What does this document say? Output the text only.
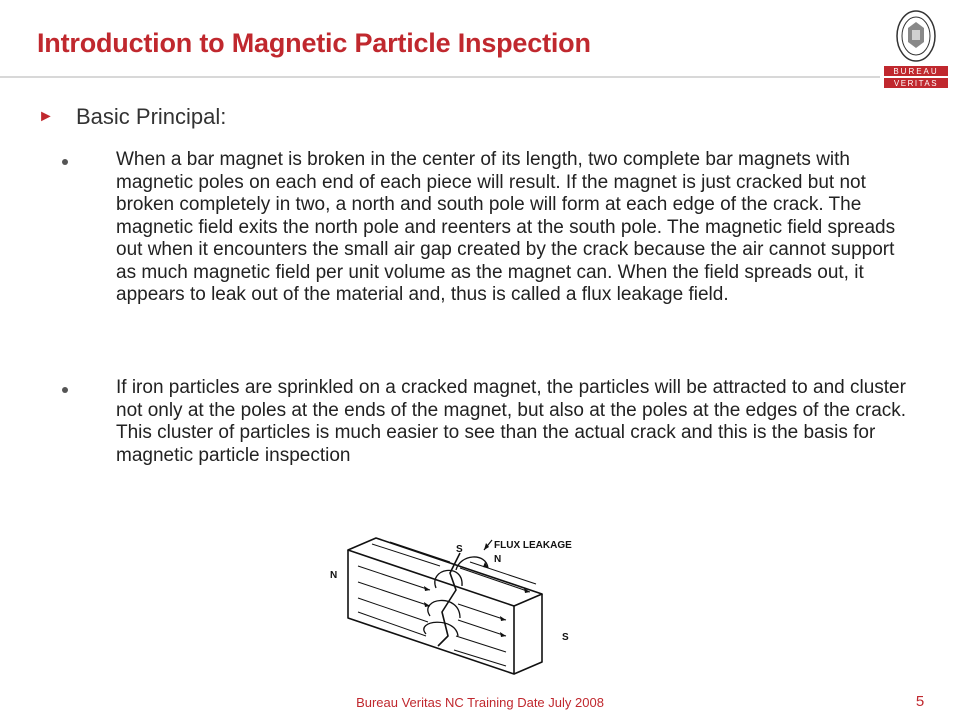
Introduction to Magnetic Particle Inspection
BUREAU
VERITAS
►	Basic Principal:
When a bar magnet is broken in the center of its length, two complete bar magnets with magnetic poles on each end of each piece will result. If the magnet is just cracked but not broken completely in two, a north and south pole will form at each edge of the crack. The magnetic field exits the north pole and reenters at the south pole. The magnetic field spreads out when it encounters the small air gap created by the crack because the air cannot support as much magnetic field per unit volume as the magnet can. When the field spreads out, it appears to leak out of the material and, thus is called a flux leakage field.
If iron particles are sprinkled on a cracked magnet, the particles will be attracted to and cluster not only at the poles at the ends of the magnet, but also at the poles at the edges of the crack. This cluster of particles is much easier to see than the actual crack and this is the basis for magnetic particle inspection
FLUX LEAKAGE
N
S
S
N
Bureau Veritas NC Training Date July 2008	5
